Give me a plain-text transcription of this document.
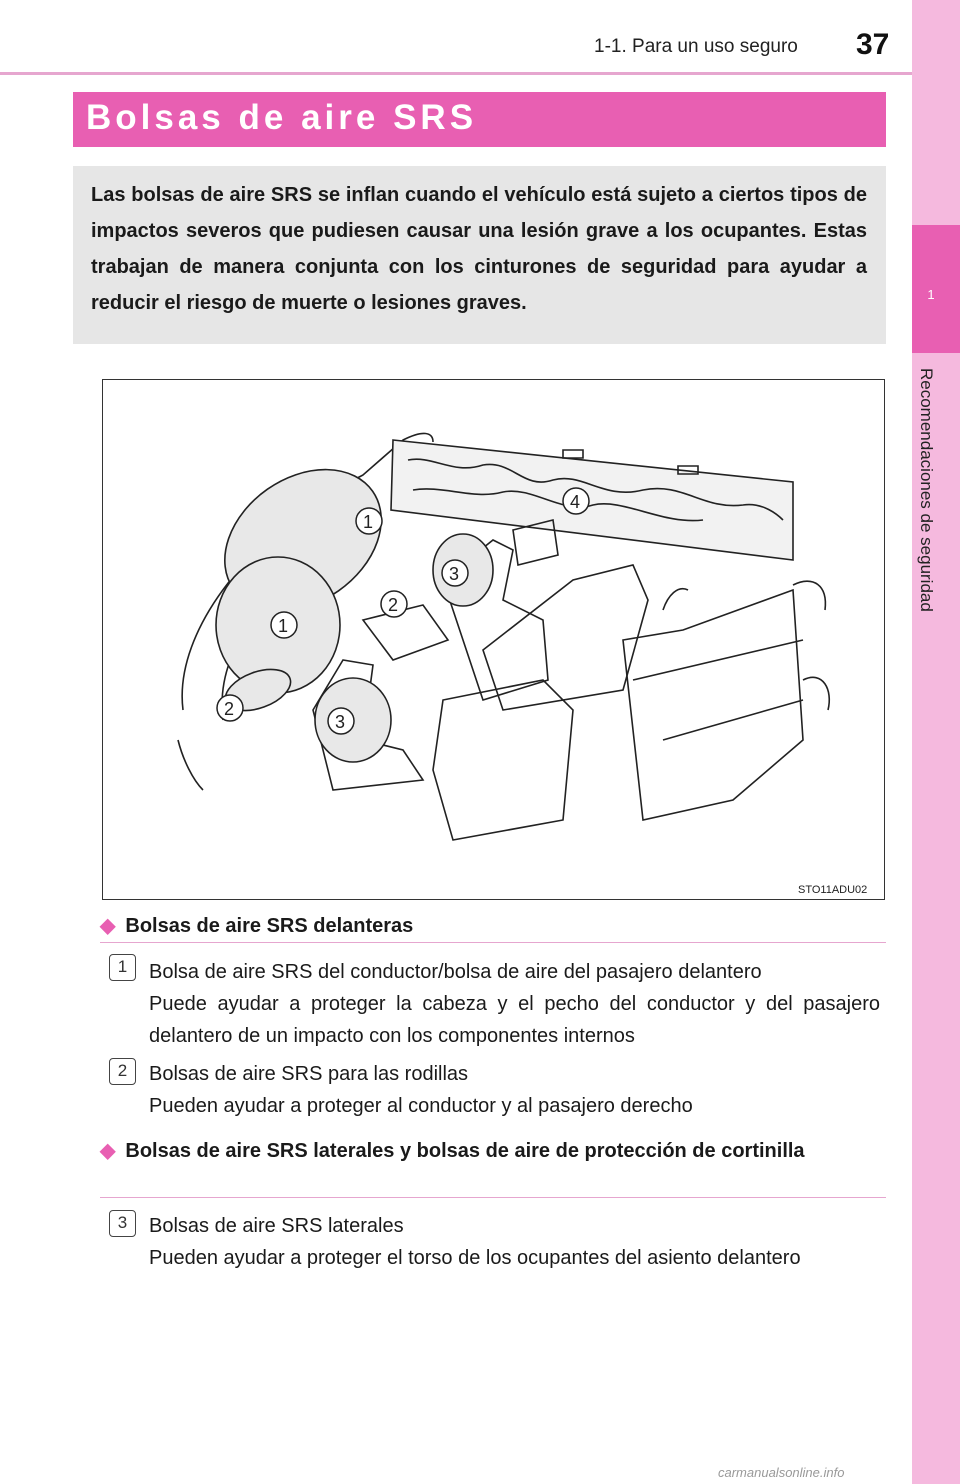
1
Recomendaciones de seguridad
1-1. Para un uso seguro 37
Bolsas de aire SRS
Las bolsas de aire SRS se inflan cuando el vehículo está sujeto a ciertos tipos de impactos severos que pudiesen causar una lesión grave a los ocupantes. Estas trabajan de manera conjunta con los cinturones de seguridad para ayudar a reducir el riesgo de muerte o lesiones graves.
1
1
2
2
3
3
4
STO11ADU02
◆ Bolsas de aire SRS delanteras
1	Bolsa de aire SRS del conductor/bolsa de aire del pasajero delantero
Puede ayudar a proteger la cabeza y el pecho del conductor y del pasajero delantero de un impacto con los componentes internos
2	Bolsas de aire SRS para las rodillas
Pueden ayudar a proteger al conductor y al pasajero derecho
◆ Bolsas de aire SRS laterales y bolsas de aire de protección de cortinilla
3	Bolsas de aire SRS laterales
Pueden ayudar a proteger el torso de los ocupantes del asiento delantero
carmanualsonline.info
